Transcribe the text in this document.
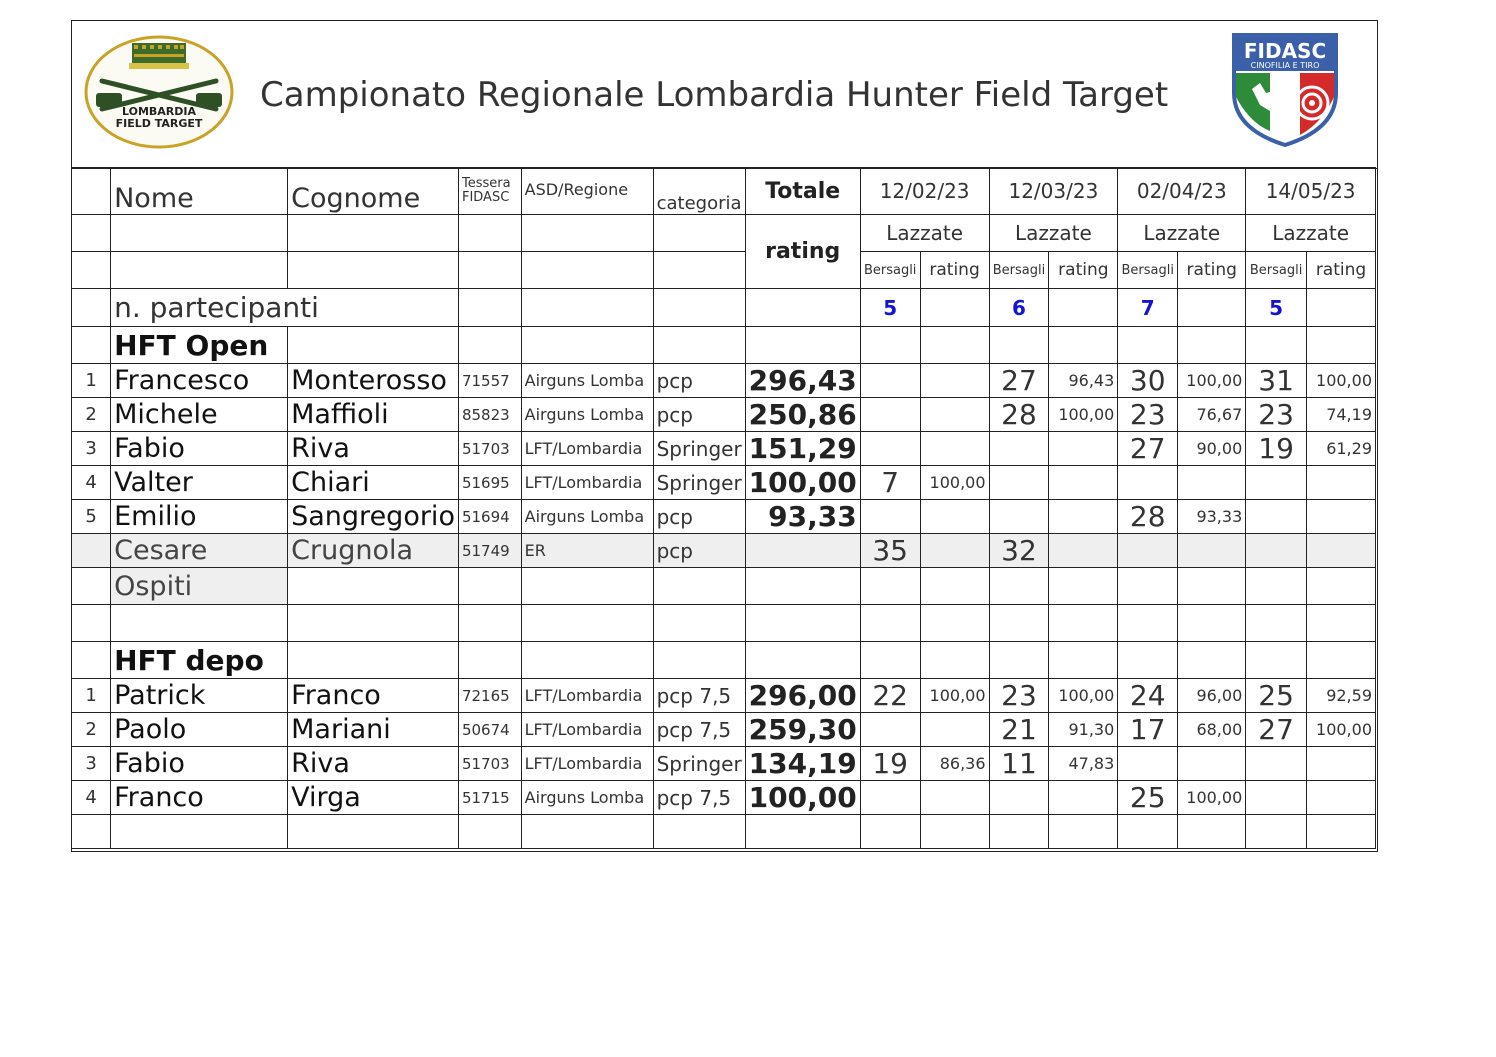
LOMBARDIA
FIELD TARGET
Campionato Regionale Lombardia Hunter Field Target
FIDASC
CINOFILIA E TIRO
	Nome	Cognome	Tessera
FIDASC	ASD/Regione	categoria	Totale	12/02/23		12/03/23		02/04/23		14/05/23	
						rating	Lazzate		Lazzate		Lazzate		Lazzate	
							Bersagli	rating	Bersagli	rating	Bersagli	rating	Bersagli	rating
	n. partecipanti						5		6		7		5	
	HFT Open													
1	Francesco	Monterosso	71557	Airguns Lomba	pcp	296,43			27	96,43	30	100,00	31	100,00
2	Michele	Maffioli	85823	Airguns Lomba	pcp	250,86			28	100,00	23	76,67	23	74,19
3	Fabio	Riva	51703	LFT/Lombardia	Springer	151,29					27	90,00	19	61,29
4	Valter	Chiari	51695	LFT/Lombardia	Springer	100,00	7	100,00						
5	Emilio	Sangregorio	51694	Airguns Lomba	pcp	93,33					28	93,33		
	Cesare	Crugnola	51749	ER	pcp		35		32					
	Ospiti													

	HFT depo													
1	Patrick	Franco	72165	LFT/Lombardia	pcp 7,5	296,00	22	100,00	23	100,00	24	96,00	25	92,59
2	Paolo	Mariani	50674	LFT/Lombardia	pcp 7,5	259,30			21	91,30	17	68,00	27	100,00
3	Fabio	Riva	51703	LFT/Lombardia	Springer	134,19	19	86,36	11	47,83				
4	Franco	Virga	51715	Airguns Lomba	pcp 7,5	100,00					25	100,00		
